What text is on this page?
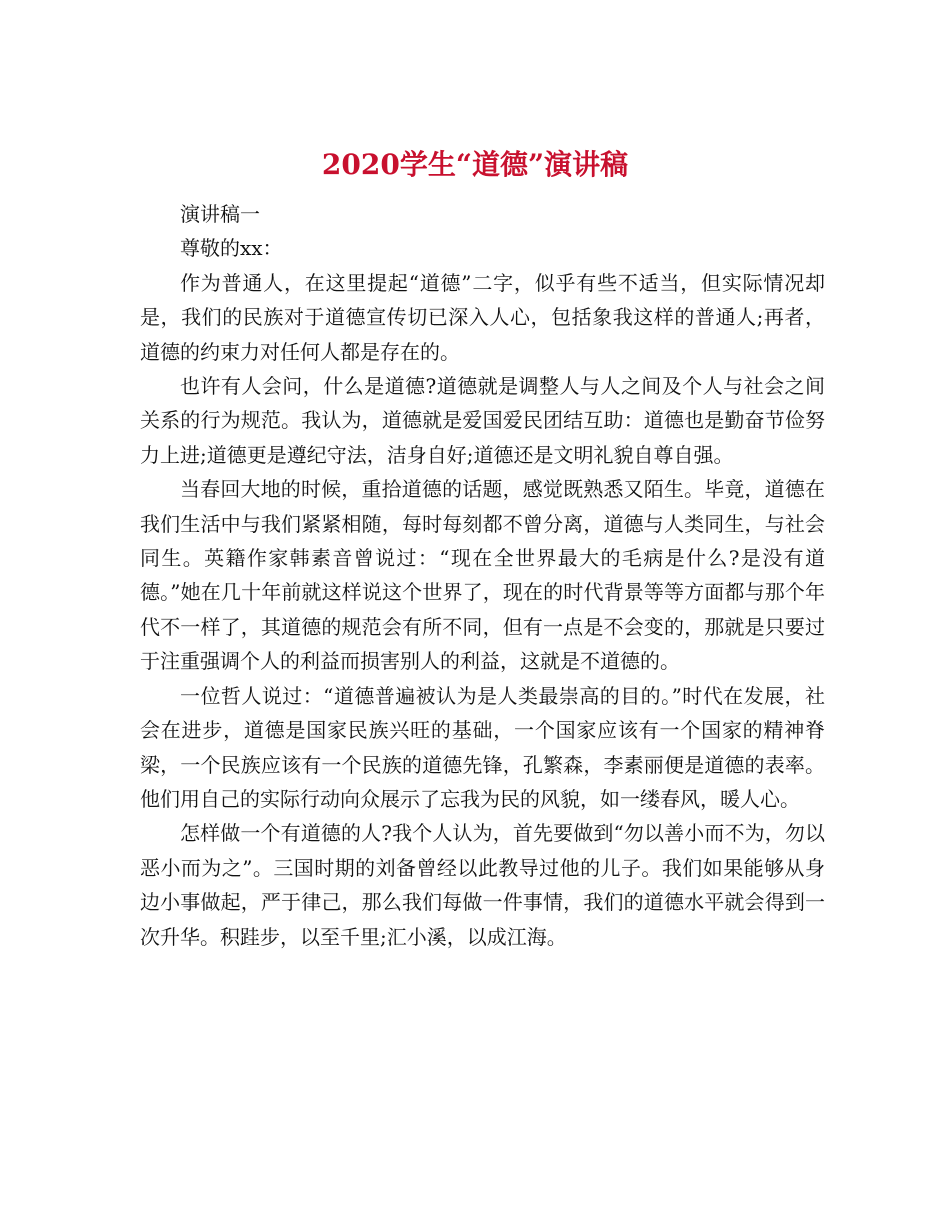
2020学生“道德”演讲稿

演讲稿一

尊敬的xx：

作为普通人，在这里提起“道德”二字，似乎有些不适当，但实际情况却是，我们的民族对于道德宣传切已深入人心，包括象我这样的普通人;再者，道德的约束力对任何人都是存在的。

也许有人会问，什么是道德?道德就是调整人与人之间及个人与社会之间关系的行为规范。我认为，道德就是爱国爱民团结互助：道德也是勤奋节俭努力上进;道德更是遵纪守法，洁身自好;道德还是文明礼貌自尊自强。

当春回大地的时候，重拾道德的话题，感觉既熟悉又陌生。毕竟，道德在我们生活中与我们紧紧相随，每时每刻都不曾分离，道德与人类同生，与社会同生。英籍作家韩素音曾说过：“现在全世界最大的毛病是什么?是没有道德。”她在几十年前就这样说这个世界了，现在的时代背景等等方面都与那个年代不一样了，其道德的规范会有所不同，但有一点是不会变的，那就是只要过于注重强调个人的利益而损害别人的利益，这就是不道德的。

一位哲人说过：“道德普遍被认为是人类最崇高的目的。”时代在发展，社会在进步，道德是国家民族兴旺的基础，一个国家应该有一个国家的精神脊梁，一个民族应该有一个民族的道德先锋，孔繁森，李素丽便是道德的表率。他们用自己的实际行动向众展示了忘我为民的风貌，如一缕春风，暖人心。

怎样做一个有道德的人?我个人认为，首先要做到“勿以善小而不为，勿以恶小而为之”。三国时期的刘备曾经以此教导过他的儿子。我们如果能够从身边小事做起，严于律己，那么我们每做一件事情，我们的道德水平就会得到一次升华。积跬步，以至千里;汇小溪，以成江海。
